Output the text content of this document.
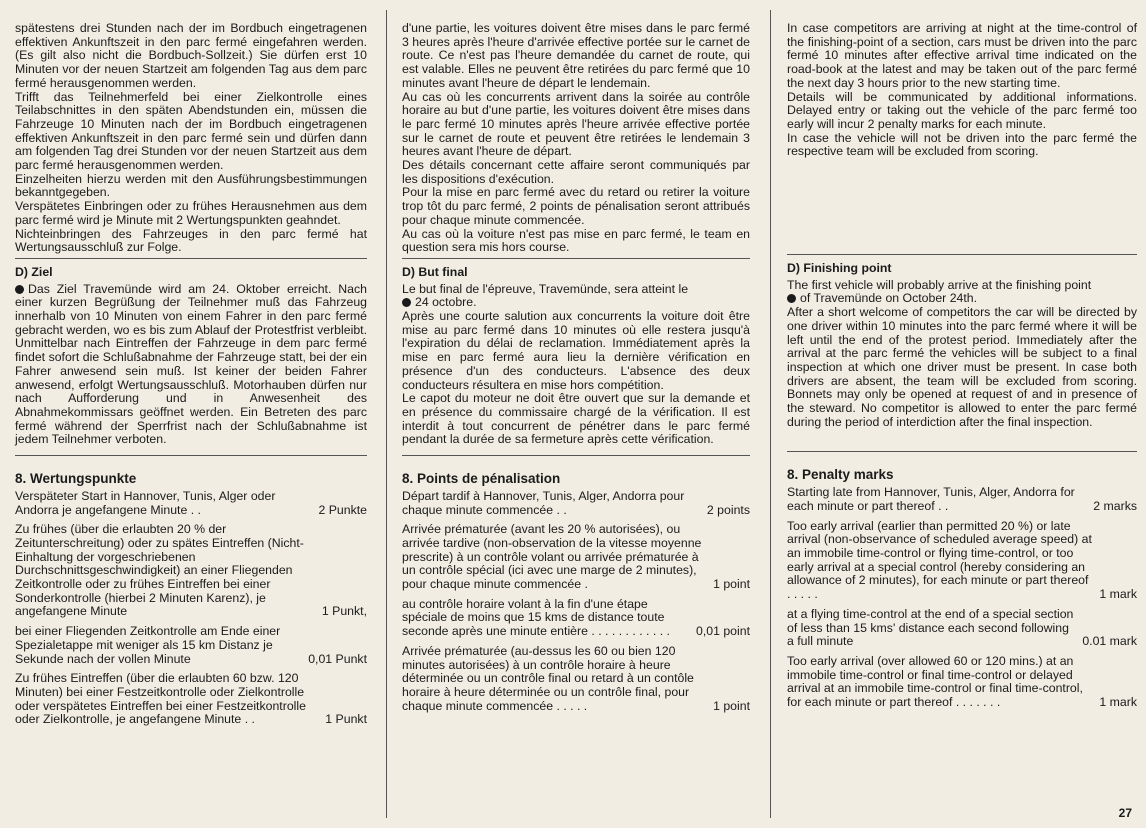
spätestens drei Stunden nach der im Bordbuch eingetragenen effektiven Ankunftszeit in den parc fermé eingefahren werden. (Es gilt also nicht die Bordbuch-Sollzeit.) Sie dürfen erst 10 Minuten vor der neuen Startzeit am folgenden Tag aus dem parc fermé herausgenommen werden.

Trifft das Teilnehmerfeld bei einer Zielkontrolle eines Teilabschnittes in den späten Abendstunden ein, müssen die Fahrzeuge 10 Minuten nach der im Bordbuch eingetragenen effektiven Ankunftszeit in den parc fermé sein und dürfen dann am folgenden Tag drei Stunden vor der neuen Startzeit aus dem parc fermé herausgenommen werden.

Einzelheiten hierzu werden mit den Ausführungsbestimmungen bekanntgegeben.

Verspätetes Einbringen oder zu frühes Herausnehmen aus dem parc fermé wird je Minute mit 2 Wertungspunkten geahndet.

Nichteinbringen des Fahrzeuges in den parc fermé hat Wertungsausschluß zur Folge.

D) Ziel

Das Ziel Travemünde wird am 24. Oktober erreicht. Nach einer kurzen Begrüßung der Teilnehmer muß das Fahrzeug innerhalb von 10 Minuten von einem Fahrer in den parc fermé gebracht werden, wo es bis zum Ablauf der Protestfrist verbleibt. Unmittelbar nach Eintreffen der Fahrzeuge in dem parc fermé findet sofort die Schlußabnahme der Fahrzeuge statt, bei der ein Fahrer anwesend sein muß. Ist keiner der beiden Fahrer anwesend, erfolgt Wertungsausschluß. Motorhauben dürfen nur nach Aufforderung und in Anwesenheit des Abnahmekommissars geöffnet werden. Ein Betreten des parc fermé während der Sperrfrist nach der Schlußabnahme ist jedem Teilnehmer verboten.

8. Wertungspunkte

Verspäteter Start in Hannover, Tunis, Alger oder Andorra je angefangene Minute . .	2 Punkte
Zu frühes (über die erlaubten 20 % der Zeitunterschreitung) oder zu spätes Eintreffen (Nicht-Einhaltung der vorgeschriebenen Durchschnittsgeschwindigkeit) an einer Fliegenden Zeitkontrolle oder zu frühes Eintreffen bei einer Sonderkontrolle (hierbei 2 Minuten Karenz), je angefangene Minute	1 Punkt,
bei einer Fliegenden Zeitkontrolle am Ende einer Spezialetappe mit weniger als 15 km Distanz je Sekunde nach der vollen Minute	0,01 Punkt
Zu frühes Eintreffen (über die erlaubten 60 bzw. 120 Minuten) bei einer Festzeitkontrolle oder Zielkontrolle oder verspätetes Eintreffen bei einer Festzeitkontrolle oder Zielkontrolle, je angefangene Minute . .	1 Punkt

d'une partie, les voitures doivent être mises dans le parc fermé 3 heures après l'heure d'arrivée effective portée sur le carnet de route. Ce n'est pas l'heure demandée du carnet de route, qui est valable. Elles ne peuvent être retirées du parc fermé que 10 minutes avant l'heure de départ le lendemain.

Au cas où les concurrents arrivent dans la soirée au contrôle horaire au but d'une partie, les voitures doivent être mises dans le parc fermé 10 minutes après l'heure arrivée effective portée sur le carnet de route et peuvent être retirées le lendemain 3 heures avant l'heure de départ.

Des détails concernant cette affaire seront communiqués par les dispositions d'exécution.

Pour la mise en parc fermé avec du retard ou retirer la voiture trop tôt du parc fermé, 2 points de pénalisation seront attribués pour chaque minute commencée.

Au cas où la voiture n'est pas mise en parc fermé, le team en question sera mis hors course.

D) But final

Le but final de l'épreuve, Travemünde, sera atteint le
24 octobre.

Après une courte salution aux concurrents la voiture doit être mise au parc fermé dans 10 minutes où elle restera jusqu'à l'expiration du délai de reclamation. Immédiatement après la mise en parc fermé aura lieu la dernière vérification en présence d'un des conducteurs. L'absence des deux conducteurs résultera en mise hors compétition.

Le capot du moteur ne doit être ouvert que sur la demande et en présence du commissaire chargé de la vérification. Il est interdit à tout concurrent de pénétrer dans le parc fermé pendant la durée de sa fermeture après cette vérification.

8. Points de pénalisation

Départ tardif à Hannover, Tunis, Alger, Andorra pour chaque minute commencée . .	2 points
Arrivée prématurée (avant les 20 % autorisées), ou arrivée tardive (non-observation de la vitesse moyenne prescrite) à un contrôle volant ou arrivée prématurée à un contrôle spécial (ici avec une marge de 2 minutes), pour chaque minute commencée .	1 point
au contrôle horaire volant à la fin d'une étape spéciale de moins que 15 kms de distance toute seconde après une minute entière . . . . . . . . . . . .	0,01 point
Arrivée prématurée (au-dessus les 60 ou bien 120 minutes autorisées) à un contrôle horaire à heure déterminée ou un contrôle final ou retard à un contôle horaire à heure déterminée ou un contrôle final, pour chaque minute commencée . . . . .	1 point

In case competitors are arriving at night at the time-control of the finishing-point of a section, cars must be driven into the parc fermé 10 minutes after effective arrival time indicated on the road-book at the latest and may be taken out of the parc fermé the next day 3 hours prior to the new starting time.

Details will be communicated by additional informations. Delayed entry or taking out the vehicle of the parc fermé too early will incur 2 penalty marks for each minute.

In case the vehicle will not be driven into the parc fermé the respective team will be excluded from scoring.

D) Finishing point

The first vehicle will probably arrive at the finishing point
of Travemünde on October 24th.

After a short welcome of competitors the car will be directed by one driver within 10 minutes into the parc fermé where it will be left until the end of the protest period. Immediately after the arrival at the parc fermé the vehicles will be subject to a final inspection at which one driver must be present. In case both drivers are absent, the team will be excluded from scoring. Bonnets may only be opened at request of and in presence of the steward. No competitor is allowed to enter the parc fermé during the period of interdiction after the final inspection.

8. Penalty marks

Starting late from Hannover, Tunis, Alger, Andorra for each minute or part thereof . .	2 marks
Too early arrival (earlier than permitted 20 %) or late arrival (non-observance of scheduled average speed) at an immobile time-control or flying time-control, or too early arrival at a special control (hereby considering an allowance of 2 minutes), for each minute or part thereof . . . . .	1 mark
at a flying time-control at the end of a special section of less than 15 kms' distance each second following a full minute	0.01 mark
Too early arrival (over allowed 60 or 120 mins.) at an immobile time-control or final time-control or delayed arrival at an immobile time-control or final time-control, for each minute or part thereof . . . . . . .	1 mark
27
